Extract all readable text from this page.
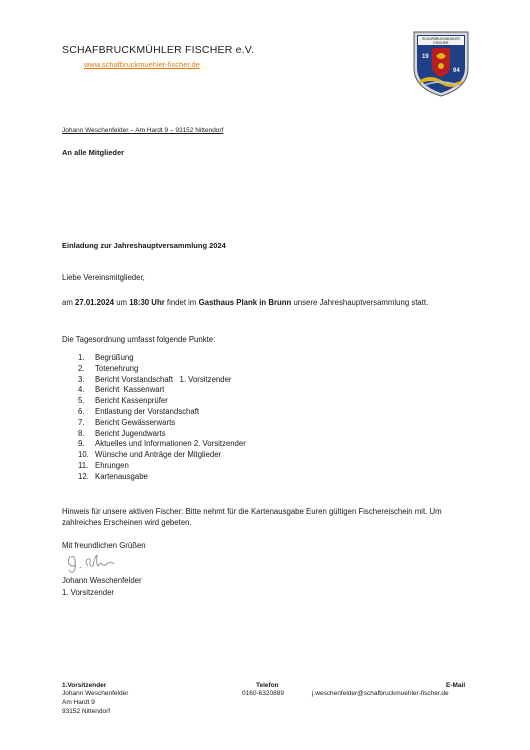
SCHAFBRUCKMÜHLER FISCHER e.V.
www.schafbruckmuehler-fischer.de
SCHAFBRUCKMÜHLER
FISCHER
19
94
Johann Weschenfelder – Am Hardt 9 – 93152 Nittendorf
An alle Mitglieder
Einladung zur Jahreshauptversammlung 2024
Liebe Vereinsmitglieder,
am 27.01.2024 um 18:30 Uhr findet im Gasthaus Plank in Brunn unsere Jahreshauptversammlung statt.
Die Tagesordnung umfasst folgende Punkte:
1.	Begrüßung
2.	Totenehrung
3.	Bericht Vorstandschaft   1. Vorsitzender
4.	Bericht  Kassenwart
5.	Bericht Kassenprüfer
6.	Entlastung der Vorstandschaft
7.	Bericht Gewässerwarts
8.	Bericht Jugendwarts
9.	Aktuelles und Informationen 2. Vorsitzender
10. Wünsche und Anträge der Mitglieder
11. Ehrungen
12. Kartenausgabe
Hinweis für unsere aktiven Fischer: Bitte nehmt für die Kartenausgabe Euren gültigen Fischereischein mit. Um zahlreiches Erscheinen wird gebeten.
Mit freundlichen Grüßen
Johann Weschenfelder
1. Vorsitzender
1.Vorsitzender
Johann Weschenfelder
Am Hardt 9
93152 Nittendorf
Telefon
0160-6320889
E-Mail
j.weschenfelder@schafbruckmuehler-fischer.de
